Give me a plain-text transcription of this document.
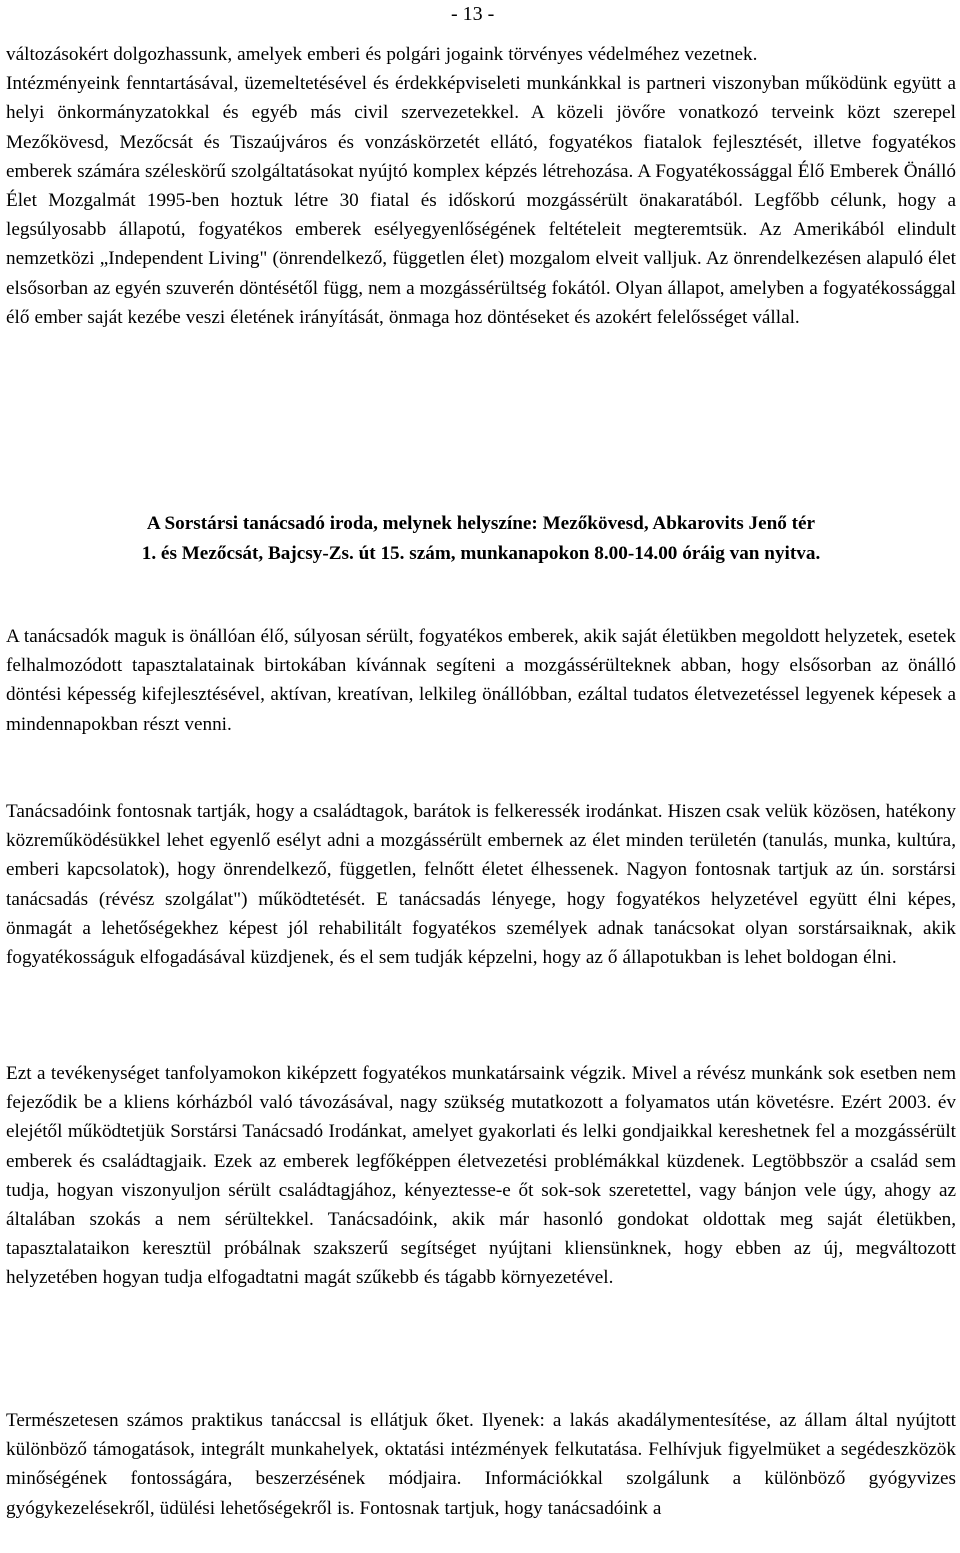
- 13 -

változásokért dolgozhassunk, amelyek emberi és polgári jogaink törvényes védelméhez vezetnek.

Intézményeink fenntartásával, üzemeltetésével és érdekképviseleti munkánkkal is partneri viszonyban működünk együtt a helyi önkormányzatokkal és egyéb más civil szervezetekkel. A közeli jövőre vonatkozó terveink közt szerepel Mezőkövesd, Mezőcsát és Tiszaújváros és vonzáskörzetét ellátó, fogyatékos fiatalok fejlesztését, illetve fogyatékos emberek számára széleskörű szolgáltatásokat nyújtó komplex képzés létrehozása. A Fogyatékossággal Élő Emberek Önálló Élet Mozgalmát 1995-ben hoztuk létre 30 fiatal és időskorú mozgássérült önakaratából. Legfőbb célunk, hogy a legsúlyosabb állapotú, fogyatékos emberek esélyegyenlőségének feltételeit megteremtsük. Az Amerikából elindult nemzetközi „Independent Living" (önrendelkező, független élet) mozgalom elveit valljuk. Az önrendelkezésen alapuló élet elsősorban az egyén szuverén döntésétől függ, nem a mozgássérültség fokától. Olyan állapot, amelyben a fogyatékossággal élő ember saját kezébe veszi életének irányítását, önmaga hoz döntéseket és azokért felelősséget vállal.

A Sorstársi tanácsadó iroda, melynek helyszíne: Mezőkövesd, Abkarovits Jenő tér
1. és Mezőcsát, Bajcsy-Zs. út 15. szám, munkanapokon 8.00-14.00 óráig van nyitva.

A tanácsadók maguk is önállóan élő, súlyosan sérült, fogyatékos emberek, akik saját életükben megoldott helyzetek, esetek felhalmozódott tapasztalatainak birtokában kívánnak segíteni a mozgássérülteknek abban, hogy elsősorban az önálló döntési képesség kifejlesztésével, aktívan, kreatívan, lelkileg önállóbban, ezáltal tudatos életvezetéssel legyenek képesek a mindennapokban részt venni.

Tanácsadóink fontosnak tartják, hogy a családtagok, barátok is felkeressék irodánkat. Hiszen csak velük közösen, hatékony közreműködésükkel lehet egyenlő esélyt adni a mozgássérült embernek az élet minden területén (tanulás, munka, kultúra, emberi kapcsolatok), hogy önrendelkező, független, felnőtt életet élhessenek. Nagyon fontosnak tartjuk az ún. sorstársi tanácsadás (révész szolgálat") működtetését. E tanácsadás lényege, hogy fogyatékos helyzetével együtt élni képes, önmagát a lehetőségekhez képest jól rehabilitált fogyatékos személyek adnak tanácsokat olyan sorstársaiknak, akik fogyatékosságuk elfogadásával küzdjenek, és el sem tudják képzelni, hogy az ő állapotukban is lehet boldogan élni.

Ezt a tevékenységet tanfolyamokon kiképzett fogyatékos munkatársaink végzik. Mivel a révész munkánk sok esetben nem fejeződik be a kliens kórházból való távozásával, nagy szükség mutatkozott a folyamatos után követésre. Ezért 2003. év elejétől működtetjük Sorstársi Tanácsadó Irodánkat, amelyet gyakorlati és lelki gondjaikkal kereshetnek fel a mozgássérült emberek és családtagjaik. Ezek az emberek legfőképpen életvezetési problémákkal küzdenek. Legtöbbször a család sem tudja, hogyan viszonyuljon sérült családtagjához, kényeztesse-e őt sok-sok szeretettel, vagy bánjon vele úgy, ahogy az általában szokás a nem sérültekkel. Tanácsadóink, akik már hasonló gondokat oldottak meg saját életükben, tapasztalataikon keresztül próbálnak szakszerű segítséget nyújtani kliensünknek, hogy ebben az új, megváltozott helyzetében hogyan tudja elfogadtatni magát szűkebb és tágabb környezetével.

Természetesen számos praktikus tanáccsal is ellátjuk őket. Ilyenek: a lakás akadálymentesítése, az állam által nyújtott különböző támogatások, integrált munkahelyek, oktatási intézmények felkutatása. Felhívjuk figyelmüket a segédeszközök minőségének fontosságára, beszerzésének módjaira. Információkkal szolgálunk a különböző gyógyvizes gyógykezelésekről, üdülési lehetőségekről is. Fontosnak tartjuk, hogy tanácsadóink a
